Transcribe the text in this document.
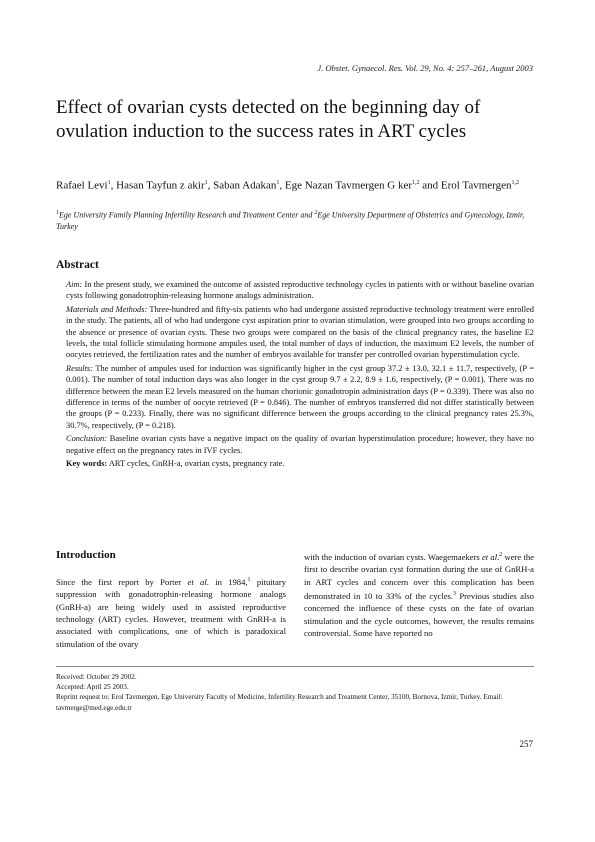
J. Obstet. Gynaecol. Res. Vol. 29, No. 4: 257–261, August 2003
Effect of ovarian cysts detected on the beginning day of ovulation induction to the success rates in ART cycles
Rafael Levi$^1$, Hasan Tayfun z akir$^1$, Saban Adakan$^1$, Ege Nazan Tavmergen G ker$^{1,2}$ and Erol Tavmergen$^{1,2}$
$^1$Ege University Family Planning Infertility Research and Treatment Center and $^2$Ege University Department of Obstetrics and Gynecology, Izmir, Turkey
Abstract

Aim: In the present study, we examined the outcome of assisted reproductive technology cycles in patients with or without baseline ovarian cysts following gonadotrophin-releasing hormone analogs administration.

Materials and Methods: Three-hundred and fifty-six patients who had undergone assisted reproductive technology treatment were enrolled in the study. The patients, all of who had undergone cyst aspiration prior to ovarian stimulation, were grouped into two groups according to the absence or presence of ovarian cysts. These two groups were compared on the basis of the clinical pregnancy rates, the baseline E2 levels, the total follicle stimulating hormone ampules used, the total number of days of induction, the maximum E2 levels, the number of oocytes retrieved, the fertilization rates and the number of embryos available for transfer per controlled ovarian hyperstimulation cycle.

Results: The number of ampules used for induction was significantly higher in the cyst group 37.2 ± 13.0, 32.1 ± 11.7, respectively, (P = 0.001). The number of total induction days was also longer in the cyst group 9.7 ± 2.2, 8.9 ± 1.6, respectively, (P = 0.001). There was no difference between the mean E2 levels measured on the human chorionic gonadotropin administration days (P = 0.339). There was also no difference in terms of the number of oocyte retrieved (P = 0.846). The number of embryos transferred did not differ statistically between the groups (P = 0.233). Finally, there was no significant difference between the groups according to the clinical pregnancy rates 25.3%, 30.7%, respectively, (P = 0.218).

Conclusion: Baseline ovarian cysts have a negative impact on the quality of ovarian hyperstimulation procedure; however, they have no negative effect on the pregnancy rates in IVF cycles.

Key words: ART cycles, GnRH-a, ovarian cysts, pregnancy rate.

Introduction

Since the first report by Porter et al. in 1984,$^1$ pituitary suppression with gonadotrophin-releasing hormone analogs (GnRH-a) are being widely used in assisted reproductive technology (ART) cycles. However, treatment with GnRH-a is associated with complications, one of which is paradoxical stimulation of the ovary

with the induction of ovarian cysts. Waegemaekers et al.$^2$ were the first to describe ovarian cyst formation during the use of GnRH-a in ART cycles and concern over this complication has been demonstrated in 10 to 33% of the cycles.$^3$ Previous studies also concerned the influence of these cysts on the fate of ovarian stimulation and the cycle outcomes, however, the results remains controversial. Some have reported no

Received: October 29 2002.
Accepted: April 25 2003.
Reprint request to: Erol Tavmergen, Ege University Faculty of Medicine, Infertility Research and Treatment Center, 35100, Bornova, Izmir, Turkey. Email: tavmerge@med.ege.edu.tr
257
